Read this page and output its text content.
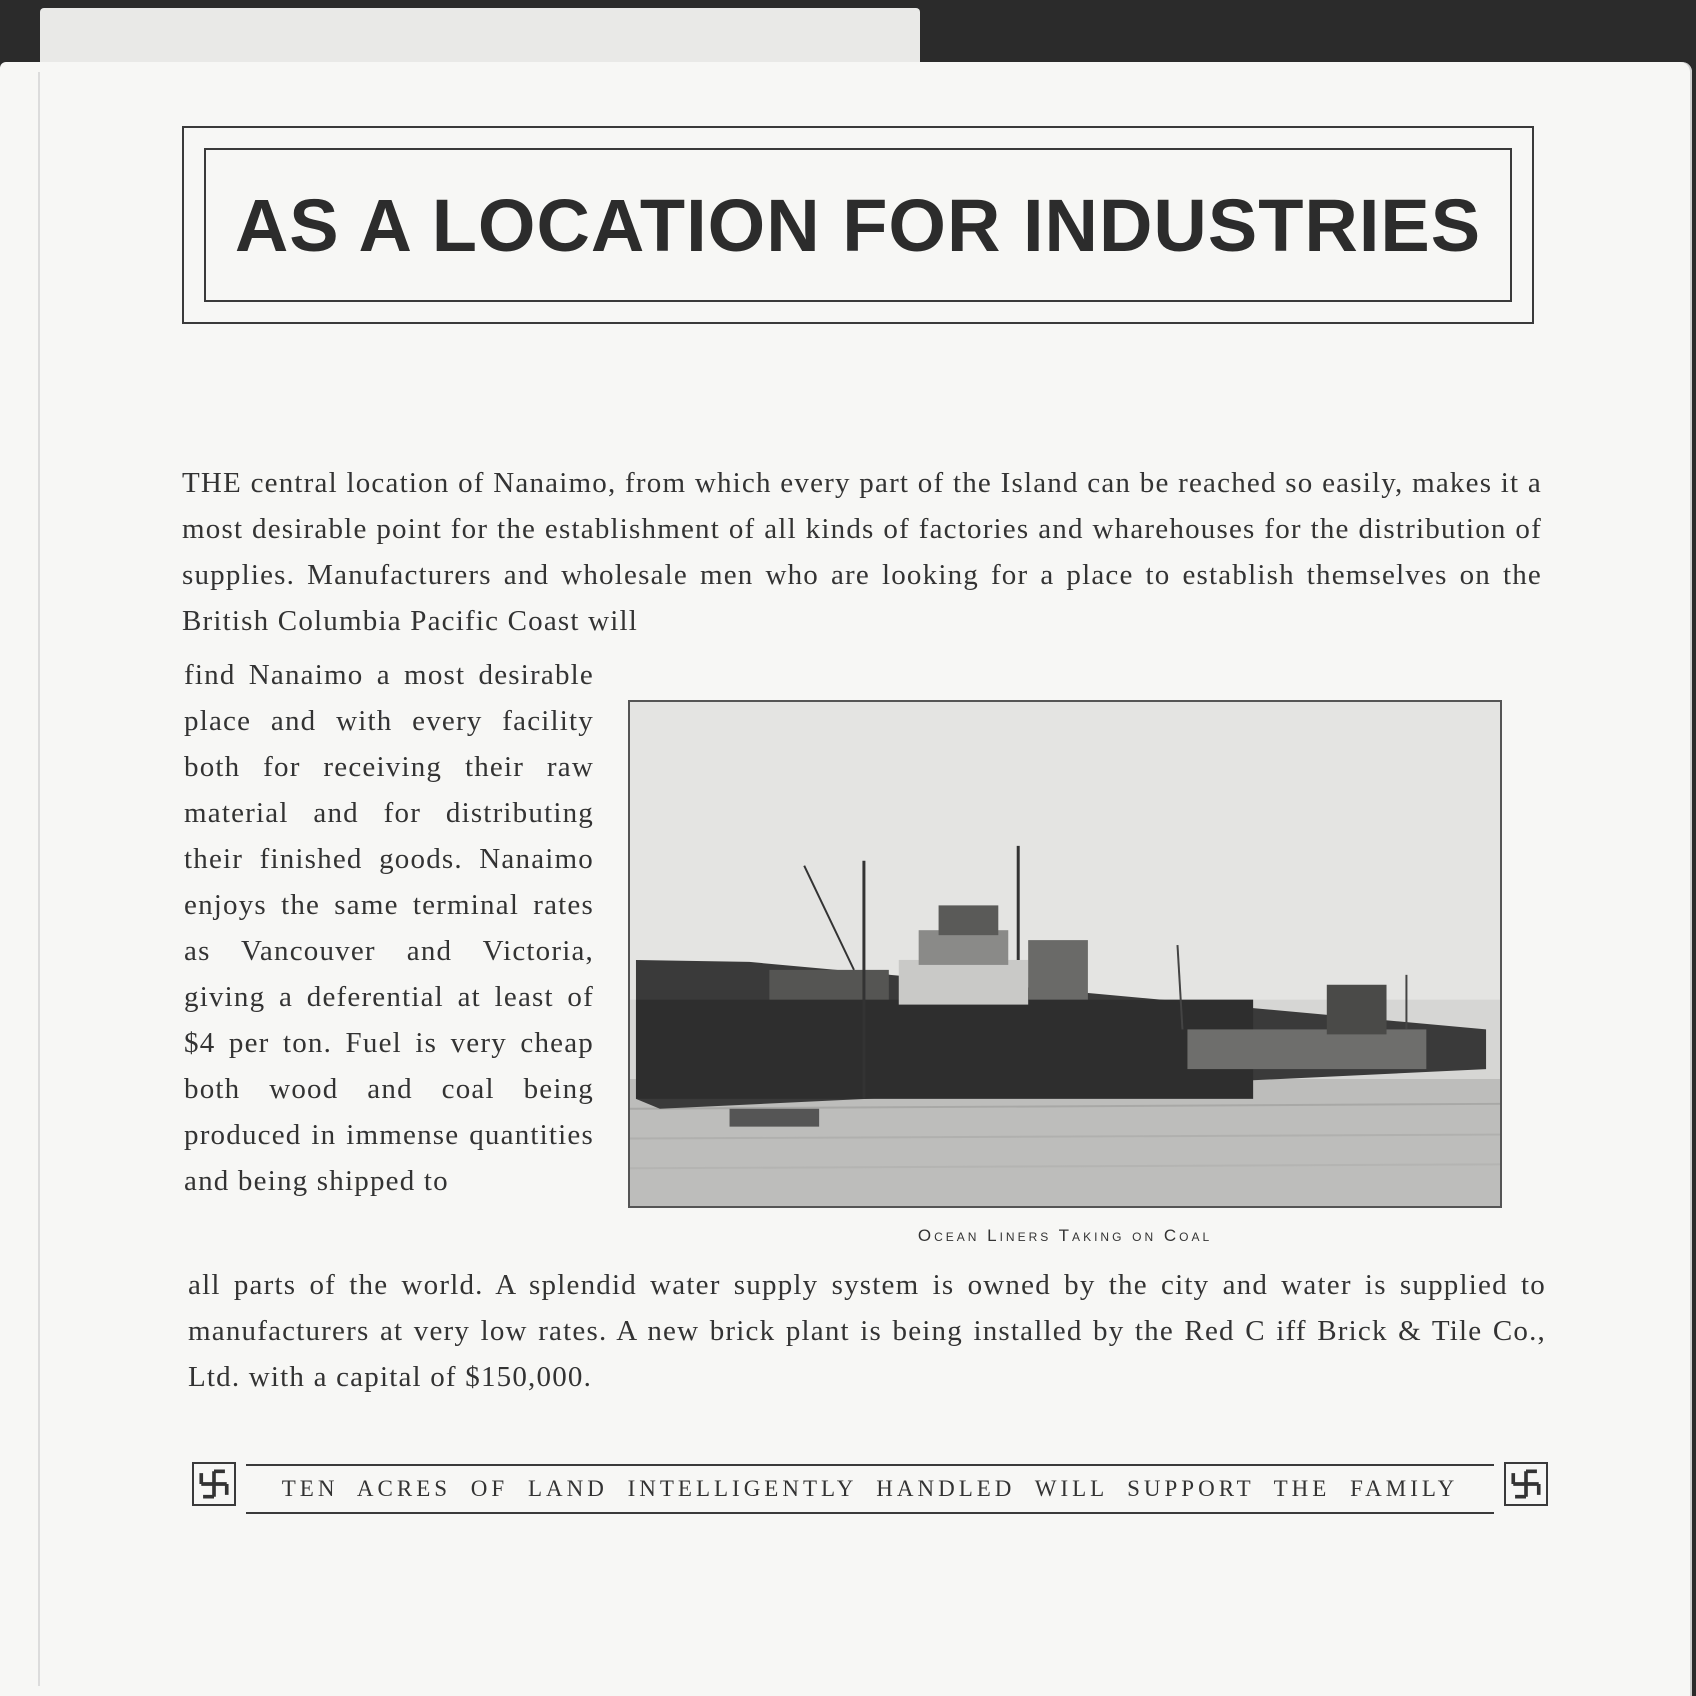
AS A LOCATION FOR INDUSTRIES
THE central location of Nanaimo, from which every part of the Island can be reached so easily, makes it a most desirable point for the establishment of all kinds of factories and wharehouses for the distribution of supplies. Manufacturers and wholesale men who are looking for a place to establish themselves on the British Columbia Pacific Coast will
find Nanaimo a most desirable place and with every facility both for receiving their raw material and for distributing their finished goods. Nanaimo enjoys the same terminal rates as Vancouver and Victoria, giving a deferential at least of $4 per ton. Fuel is very cheap both wood and coal being produced in immense quantities and being shipped to
Ocean Liners Taking on Coal
all parts of the world. A splendid water supply system is owned by the city and water is supplied to manufacturers at very low rates. A new brick plant is being installed by the Red C iff Brick & Tile Co., Ltd. with a capital of $150,000.
TEN ACRES OF LAND INTELLIGENTLY HANDLED WILL SUPPORT THE FAMILY
